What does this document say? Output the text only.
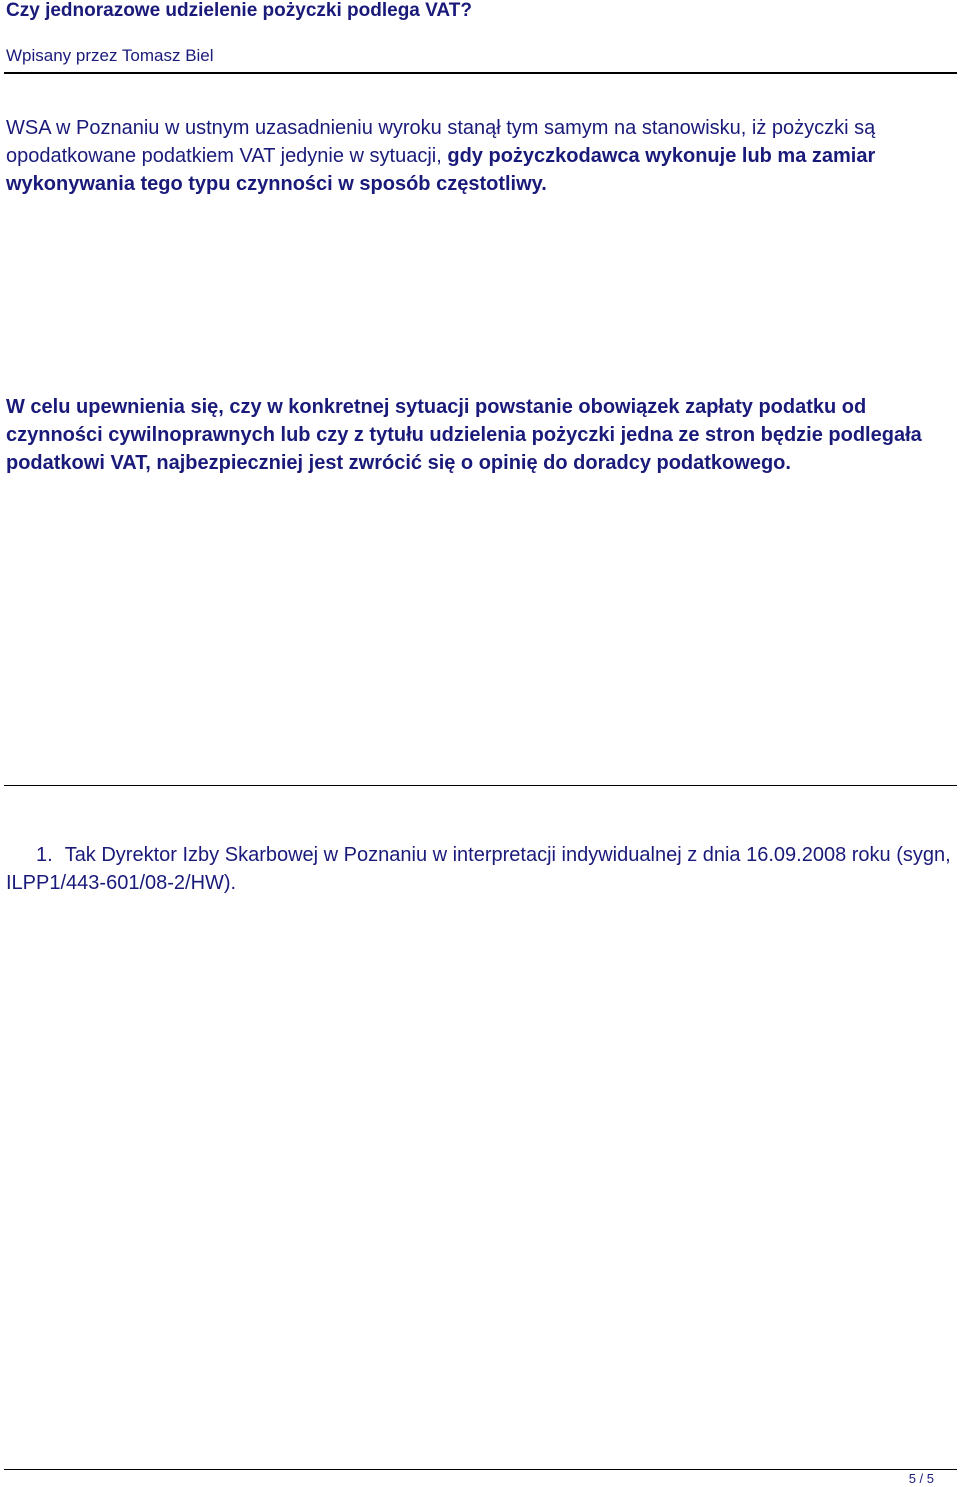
Czy jednorazowe udzielenie pożyczki podlega VAT?
Wpisany przez Tomasz Biel
WSA w Poznaniu w ustnym uzasadnieniu wyroku stanął tym samym na stanowisku, iż pożyczki są opodatkowane podatkiem VAT jedynie w sytuacji, gdy pożyczkodawca wykonuje lub ma zamiar wykonywania tego typu czynności w sposób częstotliwy.
W celu upewnienia się, czy w konkretnej sytuacji powstanie obowiązek zapłaty podatku od czynności cywilnoprawnych lub czy z tytułu udzielenia pożyczki jedna ze stron będzie podlegała podatkowi VAT, najbezpieczniej jest zwrócić się o opinię do doradcy podatkowego.
1. Tak Dyrektor Izby Skarbowej w Poznaniu w interpretacji indywidualnej z dnia 16.09.2008 roku (sygn, ILPP1/443-601/08-2/HW).
5 / 5
